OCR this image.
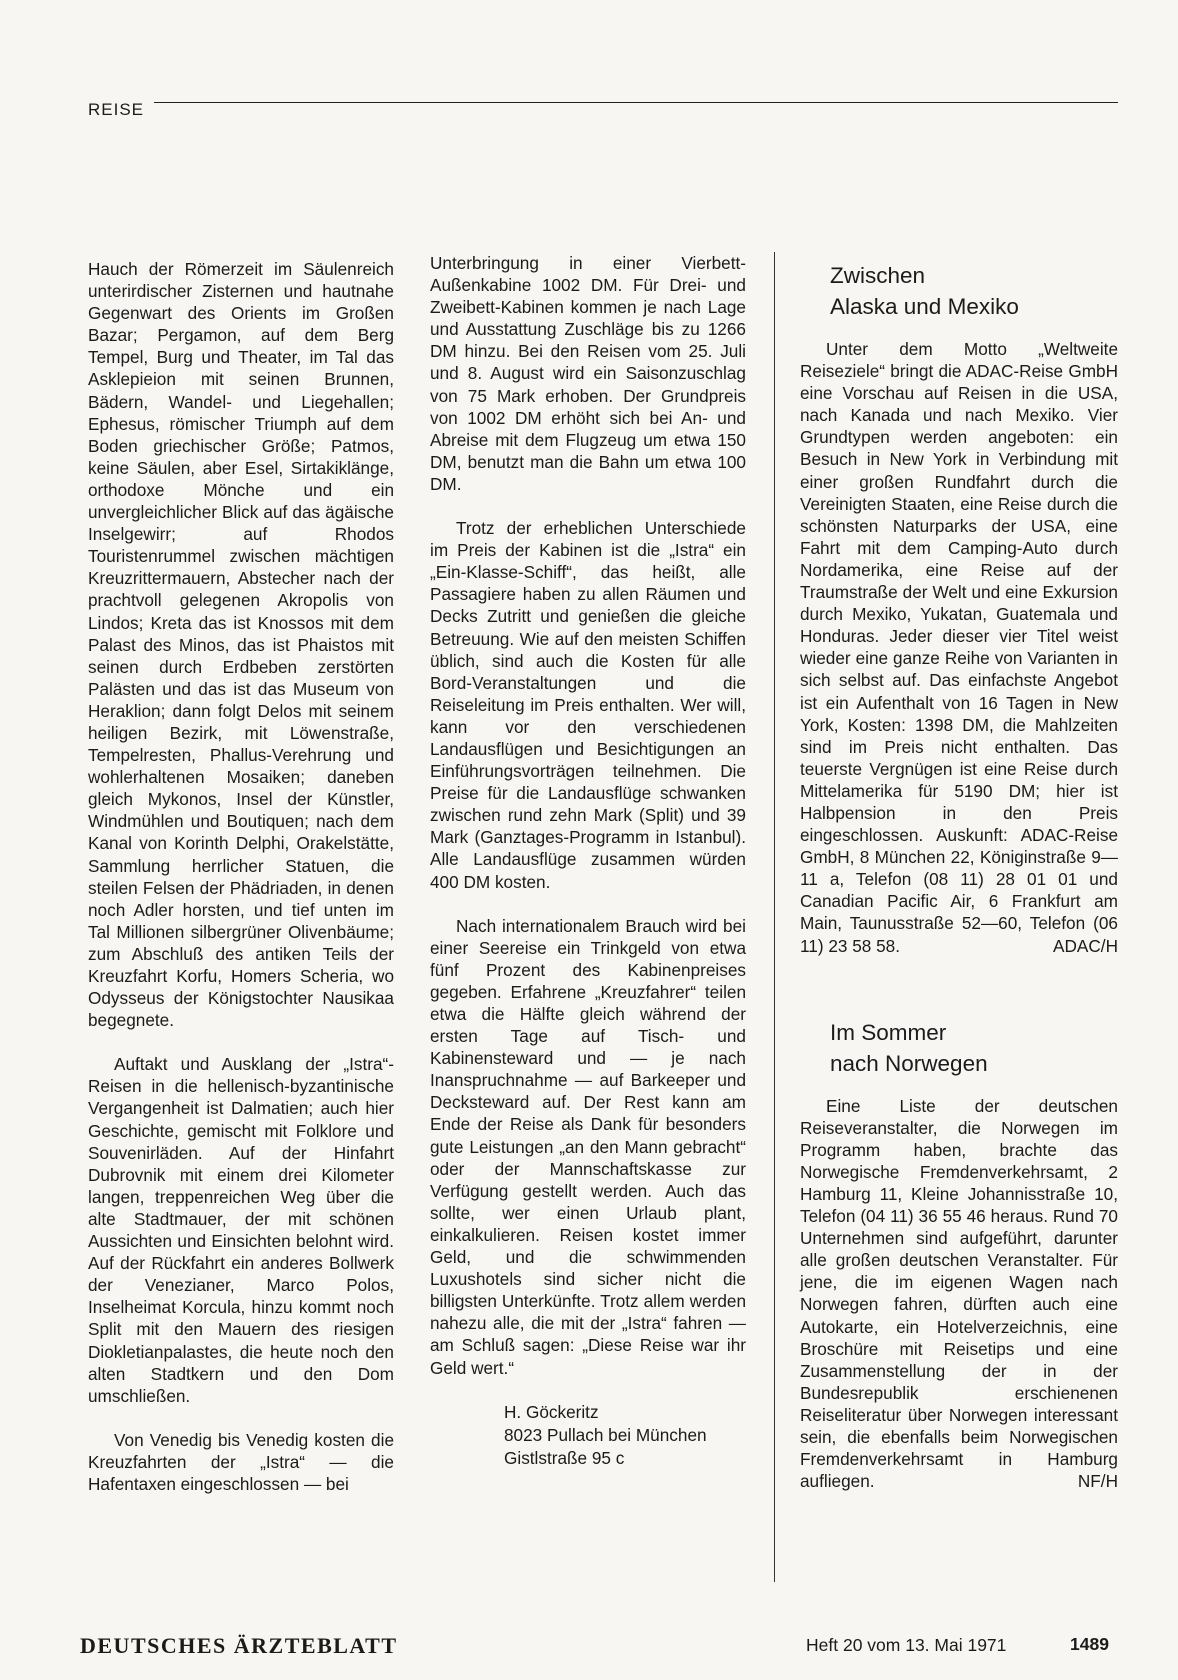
REISE

Hauch der Römerzeit im Säulenreich unterirdischer Zisternen und hautnahe Gegenwart des Orients im Großen Bazar; Pergamon, auf dem Berg Tempel, Burg und Theater, im Tal das Asklepieion mit seinen Brunnen, Bädern, Wandel- und Liegehallen; Ephesus, römischer Triumph auf dem Boden griechischer Größe; Patmos, keine Säulen, aber Esel, Sirtakiklänge, orthodoxe Mönche und ein unvergleichlicher Blick auf das ägäische Inselgewirr; auf Rhodos Touristenrummel zwischen mächtigen Kreuzrittermauern, Abstecher nach der prachtvoll gelegenen Akropolis von Lindos; Kreta das ist Knossos mit dem Palast des Minos, das ist Phaistos mit seinen durch Erdbeben zerstörten Palästen und das ist das Museum von Heraklion; dann folgt Delos mit seinem heiligen Bezirk, mit Löwenstraße, Tempelresten, Phallus-Verehrung und wohlerhaltenen Mosaiken; daneben gleich Mykonos, Insel der Künstler, Windmühlen und Boutiquen; nach dem Kanal von Korinth Delphi, Orakelstätte, Sammlung herrlicher Statuen, die steilen Felsen der Phädriaden, in denen noch Adler horsten, und tief unten im Tal Millionen silbergrüner Olivenbäume; zum Abschluß des antiken Teils der Kreuzfahrt Korfu, Homers Scheria, wo Odysseus der Königstochter Nausikaa begegnete.

Auftakt und Ausklang der „Istra“-Reisen in die hellenisch-byzantinische Vergangenheit ist Dalmatien; auch hier Geschichte, gemischt mit Folklore und Souvenirläden. Auf der Hinfahrt Dubrovnik mit einem drei Kilometer langen, treppenreichen Weg über die alte Stadtmauer, der mit schönen Aussichten und Einsichten belohnt wird. Auf der Rückfahrt ein anderes Bollwerk der Venezianer, Marco Polos, Inselheimat Korcula, hinzu kommt noch Split mit den Mauern des riesigen Diokletianpalastes, die heute noch den alten Stadtkern und den Dom umschließen.

Von Venedig bis Venedig kosten die Kreuzfahrten der „Istra“ — die Hafentaxen eingeschlossen — bei

Unterbringung in einer Vierbett-Außenkabine 1002 DM. Für Drei- und Zweibett-Kabinen kommen je nach Lage und Ausstattung Zuschläge bis zu 1266 DM hinzu. Bei den Reisen vom 25. Juli und 8. August wird ein Saisonzuschlag von 75 Mark erhoben. Der Grundpreis von 1002 DM erhöht sich bei An- und Abreise mit dem Flugzeug um etwa 150 DM, benutzt man die Bahn um etwa 100 DM.

Trotz der erheblichen Unterschiede im Preis der Kabinen ist die „Istra“ ein „Ein-Klasse-Schiff“, das heißt, alle Passagiere haben zu allen Räumen und Decks Zutritt und genießen die gleiche Betreuung. Wie auf den meisten Schiffen üblich, sind auch die Kosten für alle Bord-Veranstaltungen und die Reiseleitung im Preis enthalten. Wer will, kann vor den verschiedenen Landausflügen und Besichtigungen an Einführungsvorträgen teilnehmen. Die Preise für die Landausflüge schwanken zwischen rund zehn Mark (Split) und 39 Mark (Ganztages-Programm in Istanbul). Alle Landausflüge zusammen würden 400 DM kosten.

Nach internationalem Brauch wird bei einer Seereise ein Trinkgeld von etwa fünf Prozent des Kabinenpreises gegeben. Erfahrene „Kreuzfahrer“ teilen etwa die Hälfte gleich während der ersten Tage auf Tisch- und Kabinensteward und — je nach Inanspruchnahme — auf Barkeeper und Decksteward auf. Der Rest kann am Ende der Reise als Dank für besonders gute Leistungen „an den Mann gebracht“ oder der Mannschaftskasse zur Verfügung gestellt werden. Auch das sollte, wer einen Urlaub plant, einkalkulieren. Reisen kostet immer Geld, und die schwimmenden Luxushotels sind sicher nicht die billigsten Unterkünfte. Trotz allem werden nahezu alle, die mit der „Istra“ fahren — am Schluß sagen: „Diese Reise war ihr Geld wert.“

H. Göckeritz
8023 Pullach bei München
Gistlstraße 95 c
Zwischen
Alaska und Mexiko

Unter dem Motto „Weltweite Reiseziele“ bringt die ADAC-Reise GmbH eine Vorschau auf Reisen in die USA, nach Kanada und nach Mexiko. Vier Grundtypen werden angeboten: ein Besuch in New York in Verbindung mit einer großen Rundfahrt durch die Vereinigten Staaten, eine Reise durch die schönsten Naturparks der USA, eine Fahrt mit dem Camping-Auto durch Nordamerika, eine Reise auf der Traumstraße der Welt und eine Exkursion durch Mexiko, Yukatan, Guatemala und Honduras. Jeder dieser vier Titel weist wieder eine ganze Reihe von Varianten in sich selbst auf. Das einfachste Angebot ist ein Aufenthalt von 16 Tagen in New York, Kosten: 1398 DM, die Mahlzeiten sind im Preis nicht enthalten. Das teuerste Vergnügen ist eine Reise durch Mittelamerika für 5190 DM; hier ist Halbpension in den Preis eingeschlossen. Auskunft: ADAC-Reise GmbH, 8 München 22, Königinstraße 9—11 a, Telefon (08 11) 28 01 01 und Canadian Pacific Air, 6 Frankfurt am Main, Taunusstraße 52—60, Telefon (06 11) 23 58 58.	ADAC/H

Im Sommer
nach Norwegen

Eine Liste der deutschen Reiseveranstalter, die Norwegen im Programm haben, brachte das Norwegische Fremdenverkehrsamt, 2 Hamburg 11, Kleine Johannisstraße 10, Telefon (04 11) 36 55 46 heraus. Rund 70 Unternehmen sind aufgeführt, darunter alle großen deutschen Veranstalter. Für jene, die im eigenen Wagen nach Norwegen fahren, dürften auch eine Autokarte, ein Hotelverzeichnis, eine Broschüre mit Reisetips und eine Zusammenstellung der in der Bundesrepublik erschienenen Reiseliteratur über Norwegen interessant sein, die ebenfalls beim Norwegischen Fremdenverkehrsamt in Hamburg aufliegen.	NF/H

DEUTSCHES ÄRZTEBLATT	Heft 20 vom 13. Mai 1971	1489
